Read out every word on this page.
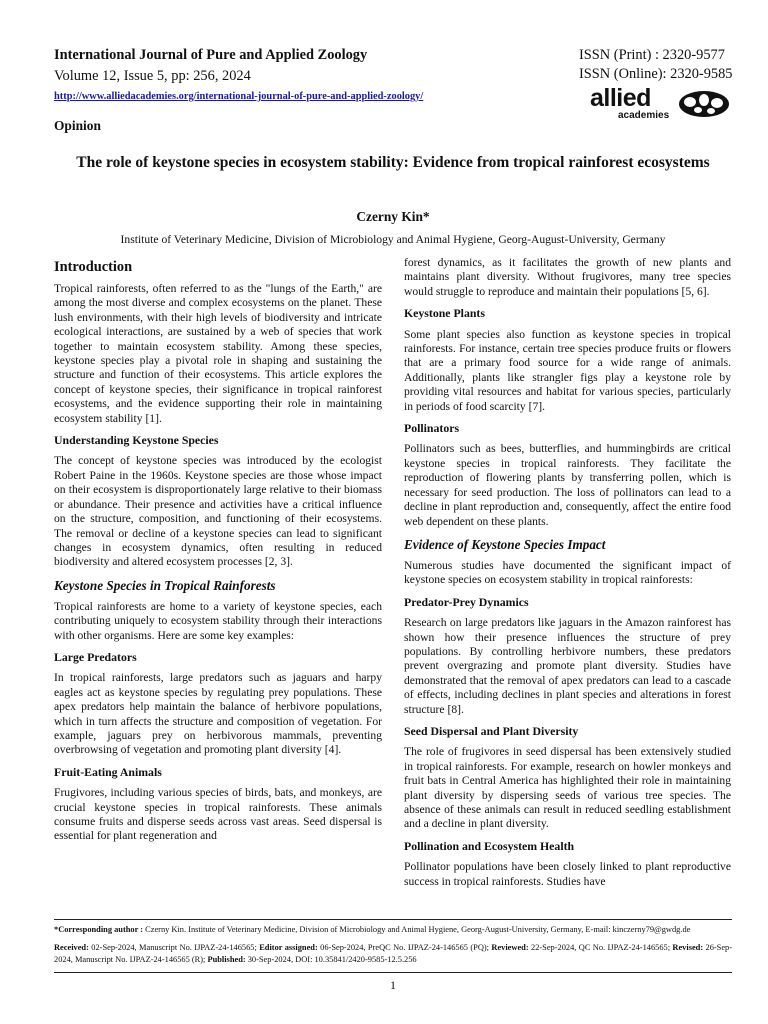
International Journal of Pure and Applied Zoology
Volume 12, Issue 5, pp: 256, 2024
http://www.alliedacademies.org/international-journal-of-pure-and-applied-zoology/
ISSN (Print) : 2320-9577
ISSN (Online): 2320-9585
allied
academies
Opinion
The role of keystone species in ecosystem stability: Evidence from tropical rainforest ecosystems
Czerny Kin*
Institute of Veterinary Medicine, Division of Microbiology and Animal Hygiene, Georg-August-University, Germany
Introduction

Tropical rainforests, often referred to as the "lungs of the Earth," are among the most diverse and complex ecosystems on the planet. These lush environments, with their high levels of biodiversity and intricate ecological interactions, are sustained by a web of species that work together to maintain ecosystem stability. Among these species, keystone species play a pivotal role in shaping and sustaining the structure and function of their ecosystems. This article explores the concept of keystone species, their significance in tropical rainforest ecosystems, and the evidence supporting their role in maintaining ecosystem stability [1].

Understanding Keystone Species

The concept of keystone species was introduced by the ecologist Robert Paine in the 1960s. Keystone species are those whose impact on their ecosystem is disproportionately large relative to their biomass or abundance. Their presence and activities have a critical influence on the structure, composition, and functioning of their ecosystems. The removal or decline of a keystone species can lead to significant changes in ecosystem dynamics, often resulting in reduced biodiversity and altered ecosystem processes [2, 3].

Keystone Species in Tropical Rainforests

Tropical rainforests are home to a variety of keystone species, each contributing uniquely to ecosystem stability through their interactions with other organisms. Here are some key examples:

Large Predators

In tropical rainforests, large predators such as jaguars and harpy eagles act as keystone species by regulating prey populations. These apex predators help maintain the balance of herbivore populations, which in turn affects the structure and composition of vegetation. For example, jaguars prey on herbivorous mammals, preventing overbrowsing of vegetation and promoting plant diversity [4].

Fruit-Eating Animals

Frugivores, including various species of birds, bats, and monkeys, are crucial keystone species in tropical rainforests. These animals consume fruits and disperse seeds across vast areas. Seed dispersal is essential for plant regeneration and

forest dynamics, as it facilitates the growth of new plants and maintains plant diversity. Without frugivores, many tree species would struggle to reproduce and maintain their populations [5, 6].

Keystone Plants

Some plant species also function as keystone species in tropical rainforests. For instance, certain tree species produce fruits or flowers that are a primary food source for a wide range of animals. Additionally, plants like strangler figs play a keystone role by providing vital resources and habitat for various species, particularly in periods of food scarcity [7].

Pollinators

Pollinators such as bees, butterflies, and hummingbirds are critical keystone species in tropical rainforests. They facilitate the reproduction of flowering plants by transferring pollen, which is necessary for seed production. The loss of pollinators can lead to a decline in plant reproduction and, consequently, affect the entire food web dependent on these plants.

Evidence of Keystone Species Impact

Numerous studies have documented the significant impact of keystone species on ecosystem stability in tropical rainforests:

Predator-Prey Dynamics

Research on large predators like jaguars in the Amazon rainforest has shown how their presence influences the structure of prey populations. By controlling herbivore numbers, these predators prevent overgrazing and promote plant diversity. Studies have demonstrated that the removal of apex predators can lead to a cascade of effects, including declines in plant species and alterations in forest structure [8].

Seed Dispersal and Plant Diversity

The role of frugivores in seed dispersal has been extensively studied in tropical rainforests. For example, research on howler monkeys and fruit bats in Central America has highlighted their role in maintaining plant diversity by dispersing seeds of various tree species. The absence of these animals can result in reduced seedling establishment and a decline in plant diversity.

Pollination and Ecosystem Health

Pollinator populations have been closely linked to plant reproductive success in tropical rainforests. Studies have

*Corresponding author : Czerny Kin. Institute of Veterinary Medicine, Division of Microbiology and Animal Hygiene, Georg-August-University, Germany, E-mail: kinczerny79@gwdg.de
Received: 02-Sep-2024, Manuscript No. IJPAZ-24-146565; Editor assigned: 06-Sep-2024, PreQC No. IJPAZ-24-146565 (PQ); Reviewed: 22-Sep-2024, QC No. IJPAZ-24-146565; Revised: 26-Sep-2024, Manuscript No. IJPAZ-24-146565 (R); Published: 30-Sep-2024, DOI: 10.35841/2420-9585-12.5.256
1
